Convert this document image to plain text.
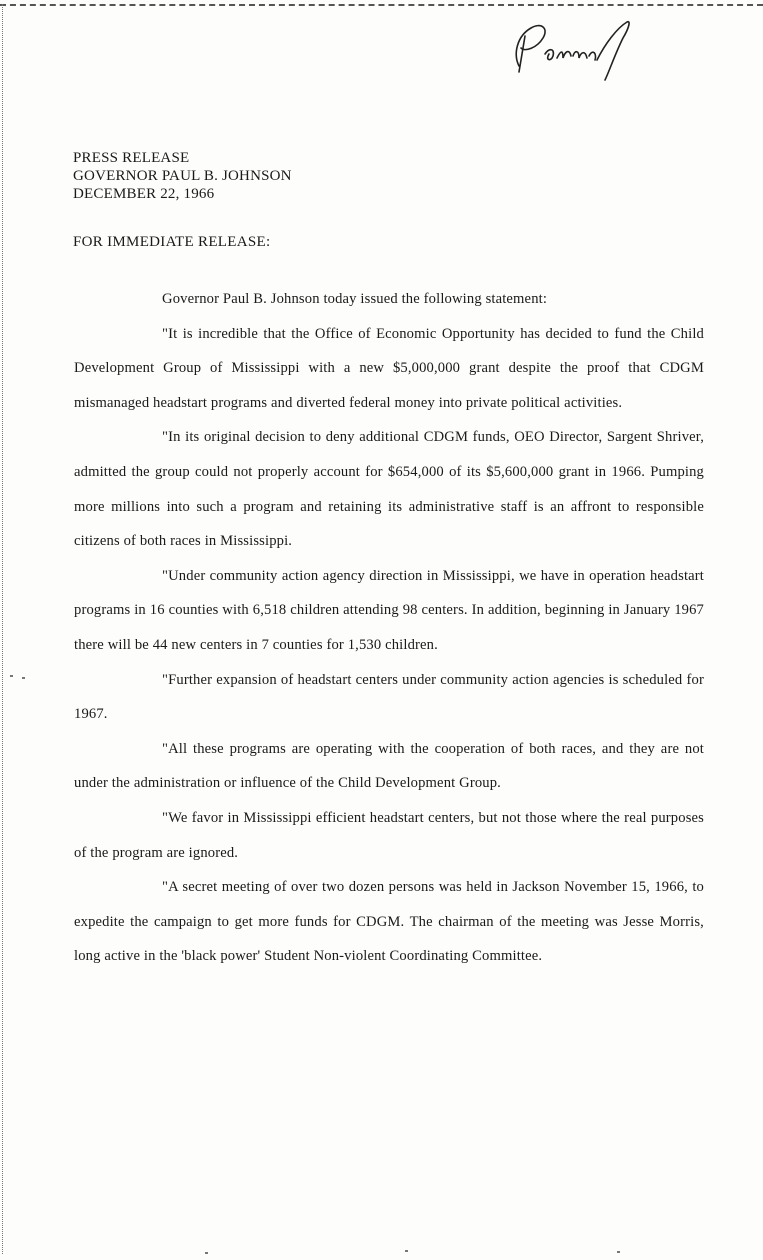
PRESS RELEASE
GOVERNOR PAUL B. JOHNSON
DECEMBER 22, 1966
FOR IMMEDIATE RELEASE:

Governor Paul B. Johnson today issued the following statement:

"It is incredible that the Office of Economic Opportunity has decided to fund the Child Development Group of Mississippi with a new $5,000,000 grant despite the proof that CDGM mismanaged headstart programs and diverted federal money into private political activities.

"In its original decision to deny additional CDGM funds, OEO Director, Sargent Shriver, admitted the group could not properly account for $654,000 of its $5,600,000 grant in 1966. Pumping more millions into such a program and retaining its administrative staff is an affront to responsible citizens of both races in Mississippi.

"Under community action agency direction in Mississippi, we have in operation headstart programs in 16 counties with 6,518 children attending 98 centers. In addition, beginning in January 1967 there will be 44 new centers in 7 counties for 1,530 children.

"Further expansion of headstart centers under community action agencies is scheduled for 1967.

"All these programs are operating with the cooperation of both races, and they are not under the administration or influence of the Child Development Group.

"We favor in Mississippi efficient headstart centers, but not those where the real purposes of the program are ignored.

"A secret meeting of over two dozen persons was held in Jackson November 15, 1966, to expedite the campaign to get more funds for CDGM. The chairman of the meeting was Jesse Morris, long active in the 'black power' Student Non-violent Coordinating Committee.
